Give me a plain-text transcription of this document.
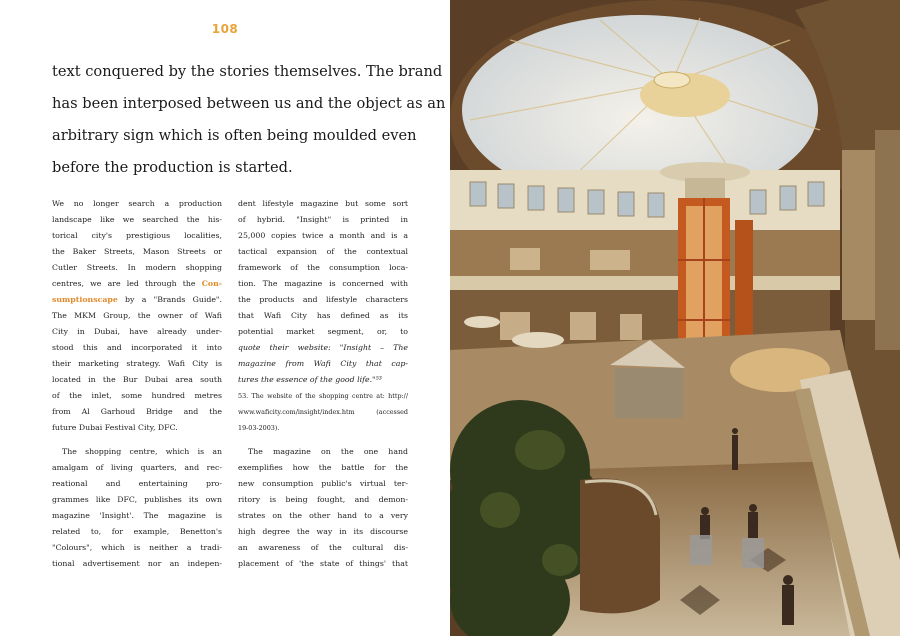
108
text conquered by the stories themselves. The brand
has been interposed between us and the object as an
arbitrary sign which is often being moulded even
before the production is started.
We no longer search a production
landscape like we searched the his-
torical city's prestigious localities,
the Baker Streets, Mason Streets or
Cutler Streets. In modern shopping
centres, we are led through the Con-
sumptionscape by a "Brands Guide".
The MKM Group, the owner of Wafi
City in Dubai, have already under-
stood this and incorporated it into
their marketing strategy. Wafi City is
located in the Bur Dubai area south
of the inlet, some hundred metres
from Al Garhoud Bridge and the
future Dubai Festival City, DFC.
The shopping centre, which is an
amalgam of living quarters, and rec-
reational and entertaining pro-
grammes like DFC, publishes its own
magazine 'Insight'. The magazine is
related to, for example, Benetton's
"Colours", which is neither a tradi-
tional advertisement nor an indepen-
dent lifestyle magazine but some sort
of hybrid. "Insight" is printed in
25,000 copies twice a month and is a
tactical expansion of the contextual
framework of the consumption loca-
tion. The magazine is concerned with
the products and lifestyle characters
that Wafi City has defined as its
potential market segment, or, to
quote their website: "Insight – The
magazine from Wafi City that cap-
tures the essence of the good life."⁵³
53. The website of the shopping centre at: http://
www.waficity.com/insight/index.htm (accessed
19-03-2003).
The magazine on the one hand
exemplifies how the battle for the
new consumption public's virtual ter-
ritory is being fought, and demon-
strates on the other hand to a very
high degree the way in its discourse
an awareness of the cultural dis-
placement of 'the state of things' that
